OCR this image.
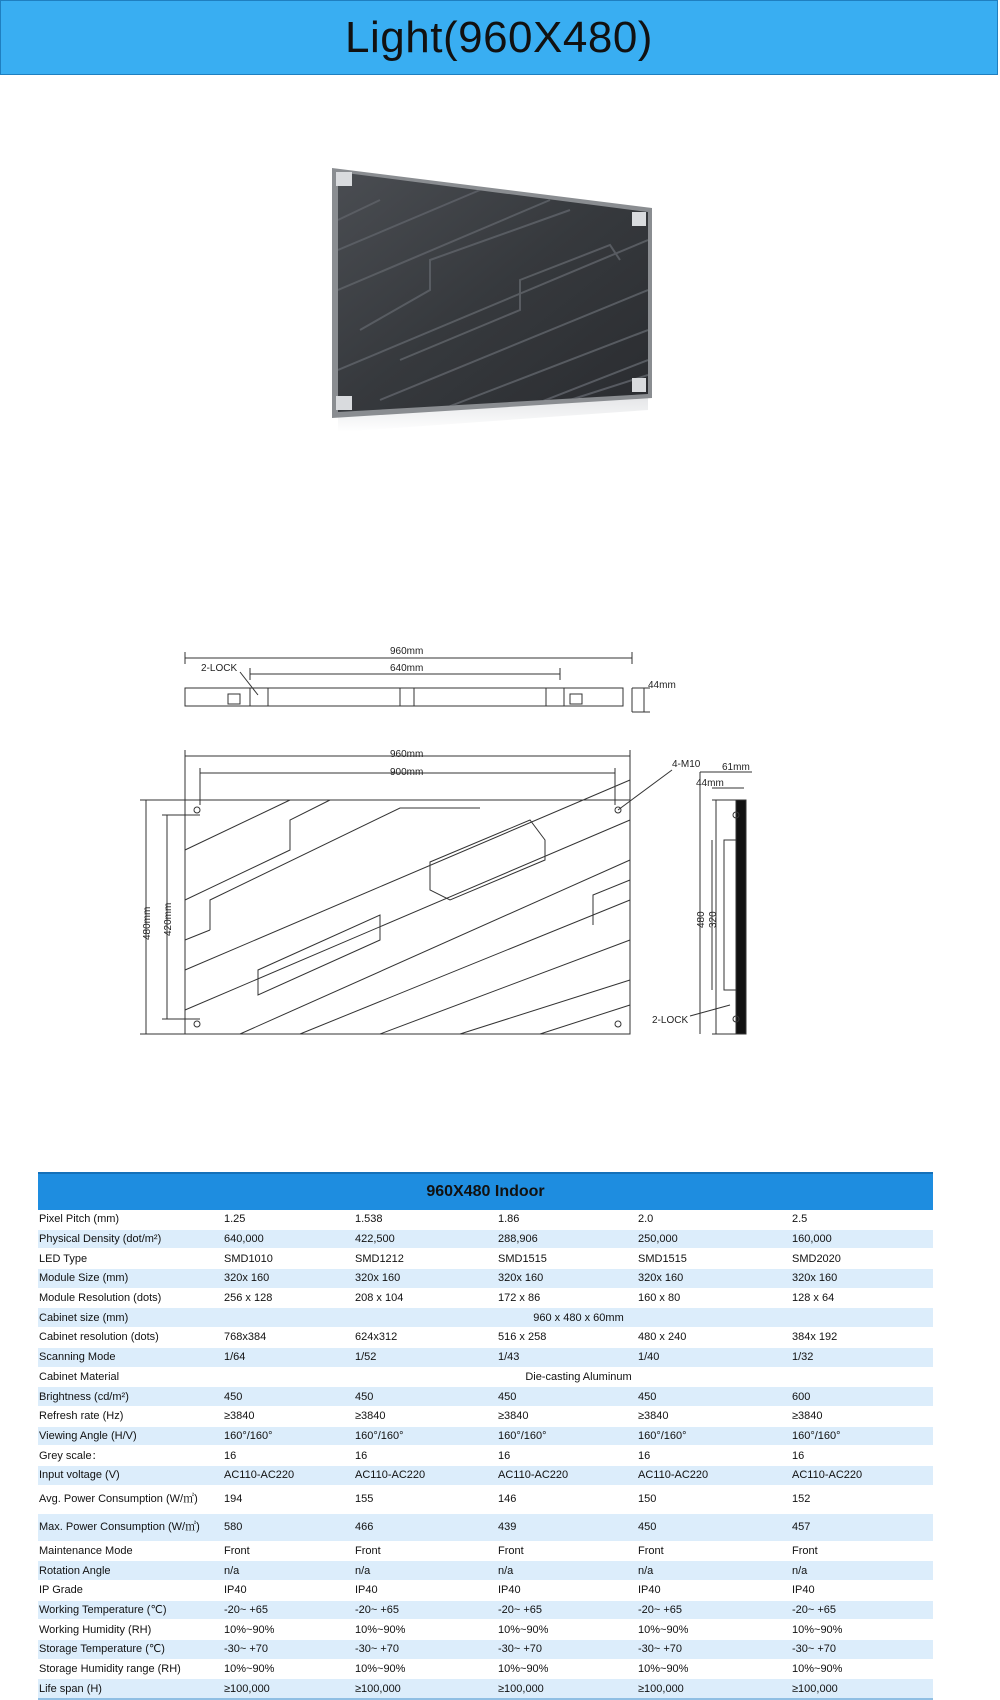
Light(960X480)
960mm
640mm
2-LOCK
44mm
960mm
900mm
4-M10
480mm 420mm
61mm
44mm
480 320
2-LOCK
960X480 Indoor					
Pixel Pitch (mm)	1.25	1.538	1.86	2.0	2.5
Physical Density (dot/m²)	640,000	422,500	288,906	250,000	160,000
LED Type	SMD1010	SMD1212	SMD1515	SMD1515	SMD2020
Module Size (mm)	320x 160	320x 160	320x 160	320x 160	320x 160
Module Resolution (dots)	256 x 128	208 x 104	172 x 86	160 x 80	128 x 64
Cabinet size (mm)	960 x 480 x 60mm				
Cabinet resolution (dots)	768x384	624x312	516 x 258	480 x 240	384x 192
Scanning Mode	1/64	1/52	1/43	1/40	1/32
Cabinet Material	Die-casting Aluminum				
Brightness (cd/m²)	450	450	450	450	600
Refresh rate (Hz)	≥3840	≥3840	≥3840	≥3840	≥3840
Viewing Angle (H/V)	160°/160°	160°/160°	160°/160°	160°/160°	160°/160°
Grey scale：	16	16	16	16	16
Input voltage (V)	AC110-AC220	AC110-AC220	AC110-AC220	AC110-AC220	AC110-AC220
Avg. Power Consumption (W/㎡)	194	155	146	150	152
Max. Power Consumption (W/㎡)	580	466	439	450	457
Maintenance Mode	Front	Front	Front	Front	Front
Rotation Angle	n/a	n/a	n/a	n/a	n/a
IP Grade	IP40	IP40	IP40	IP40	IP40
Working Temperature (℃)	-20~ +65	-20~ +65	-20~ +65	-20~ +65	-20~ +65
Working Humidity (RH)	10%~90%	10%~90%	10%~90%	10%~90%	10%~90%
Storage Temperature (℃)	-30~ +70	-30~ +70	-30~ +70	-30~ +70	-30~ +70
Storage Humidity range (RH)	10%~90%	10%~90%	10%~90%	10%~90%	10%~90%
Life span (H)	≥100,000	≥100,000	≥100,000	≥100,000	≥100,000
